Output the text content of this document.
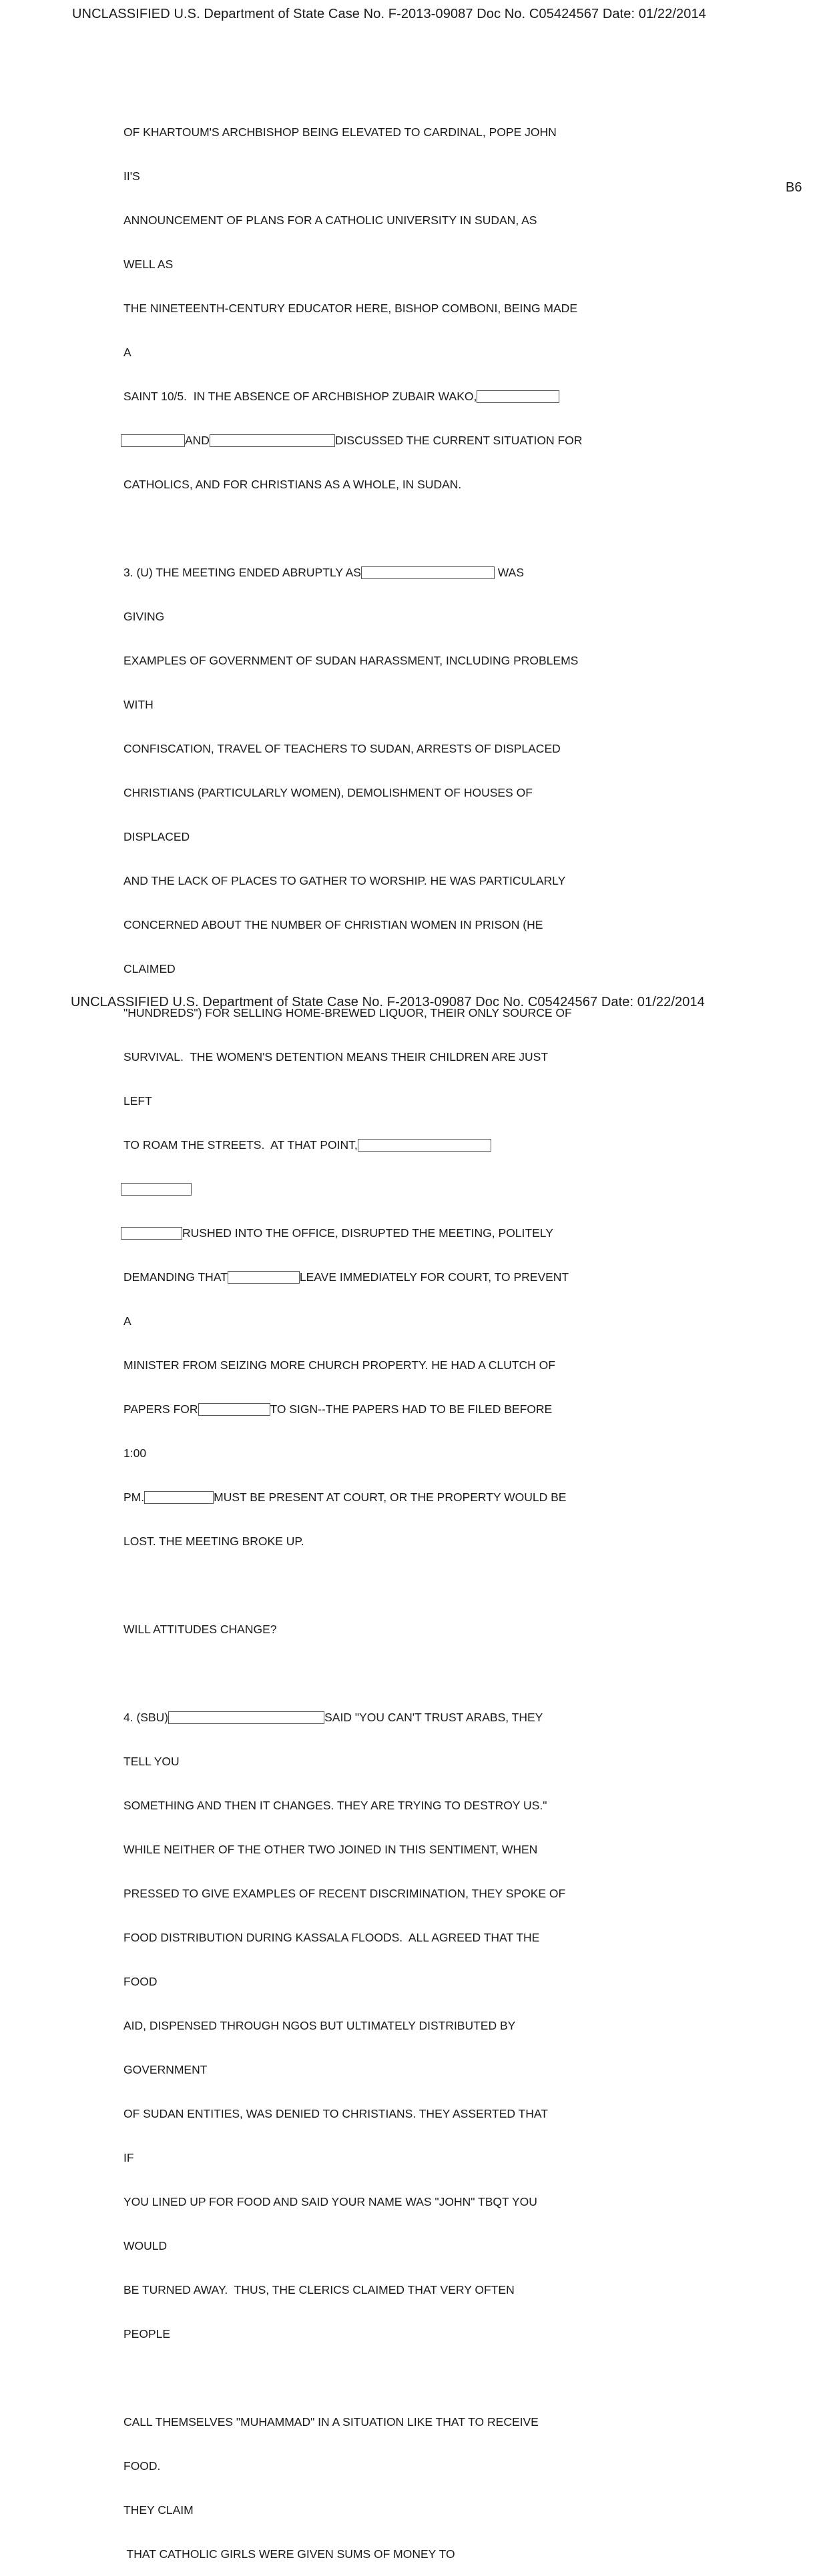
UNCLASSIFIED U.S. Department of State Case No. F-2013-09087 Doc No. C05424567 Date: 01/22/2014
B6

OF KHARTOUM'S ARCHBISHOP BEING ELEVATED TO CARDINAL, POPE JOHN

II'S

ANNOUNCEMENT OF PLANS FOR A CATHOLIC UNIVERSITY IN SUDAN, AS

WELL AS

THE NINETEENTH-CENTURY EDUCATOR HERE, BISHOP COMBONI, BEING MADE

A

SAINT 10/5.  IN THE ABSENCE OF ARCHBISHOP ZUBAIR WAKO,

AND	DISCUSSED THE CURRENT SITUATION FOR

CATHOLICS, AND FOR CHRISTIANS AS A WHOLE, IN SUDAN.

3. (U) THE MEETING ENDED ABRUPTLY AS	WAS

GIVING

EXAMPLES OF GOVERNMENT OF SUDAN HARASSMENT, INCLUDING PROBLEMS

WITH

CONFISCATION, TRAVEL OF TEACHERS TO SUDAN, ARRESTS OF DISPLACED

CHRISTIANS (PARTICULARLY WOMEN), DEMOLISHMENT OF HOUSES OF

DISPLACED

AND THE LACK OF PLACES TO GATHER TO WORSHIP. HE WAS PARTICULARLY

CONCERNED ABOUT THE NUMBER OF CHRISTIAN WOMEN IN PRISON (HE

CLAIMED

"HUNDREDS") FOR SELLING HOME-BREWED LIQUOR, THEIR ONLY SOURCE OF

SURVIVAL.  THE WOMEN'S DETENTION MEANS THEIR CHILDREN ARE JUST

LEFT

TO ROAM THE STREETS.  AT THAT POINT,

RUSHED INTO THE OFFICE, DISRUPTED THE MEETING, POLITELY

DEMANDING THAT	LEAVE IMMEDIATELY FOR COURT, TO PREVENT

A

MINISTER FROM SEIZING MORE CHURCH PROPERTY. HE HAD A CLUTCH OF

PAPERS FOR	TO SIGN--THE PAPERS HAD TO BE FILED BEFORE

1:00

PM.	MUST BE PRESENT AT COURT, OR THE PROPERTY WOULD BE

LOST. THE MEETING BROKE UP.

WILL ATTITUDES CHANGE?

4. (SBU)	SAID "YOU CAN'T TRUST ARABS, THEY

TELL YOU

SOMETHING AND THEN IT CHANGES. THEY ARE TRYING TO DESTROY US."

WHILE NEITHER OF THE OTHER TWO JOINED IN THIS SENTIMENT, WHEN

PRESSED TO GIVE EXAMPLES OF RECENT DISCRIMINATION, THEY SPOKE OF

FOOD DISTRIBUTION DURING KASSALA FLOODS.  ALL AGREED THAT THE

FOOD

AID, DISPENSED THROUGH NGOS BUT ULTIMATELY DISTRIBUTED BY

GOVERNMENT

OF SUDAN ENTITIES, WAS DENIED TO CHRISTIANS. THEY ASSERTED THAT

IF

YOU LINED UP FOR FOOD AND SAID YOUR NAME WAS "JOHN" TBQT YOU

WOULD

BE TURNED AWAY.  THUS, THE CLERICS CLAIMED THAT VERY OFTEN

PEOPLE

CALL THEMSELVES "MUHAMMAD" IN A SITUATION LIKE THAT TO RECEIVE

FOOD.

THEY CLAIM

THAT CATHOLIC GIRLS WERE GIVEN SUMS OF MONEY TO

UNCLASSIFIED U.S. Department of State Case No. F-2013-09087 Doc No. C05424567 Date: 01/22/2014
